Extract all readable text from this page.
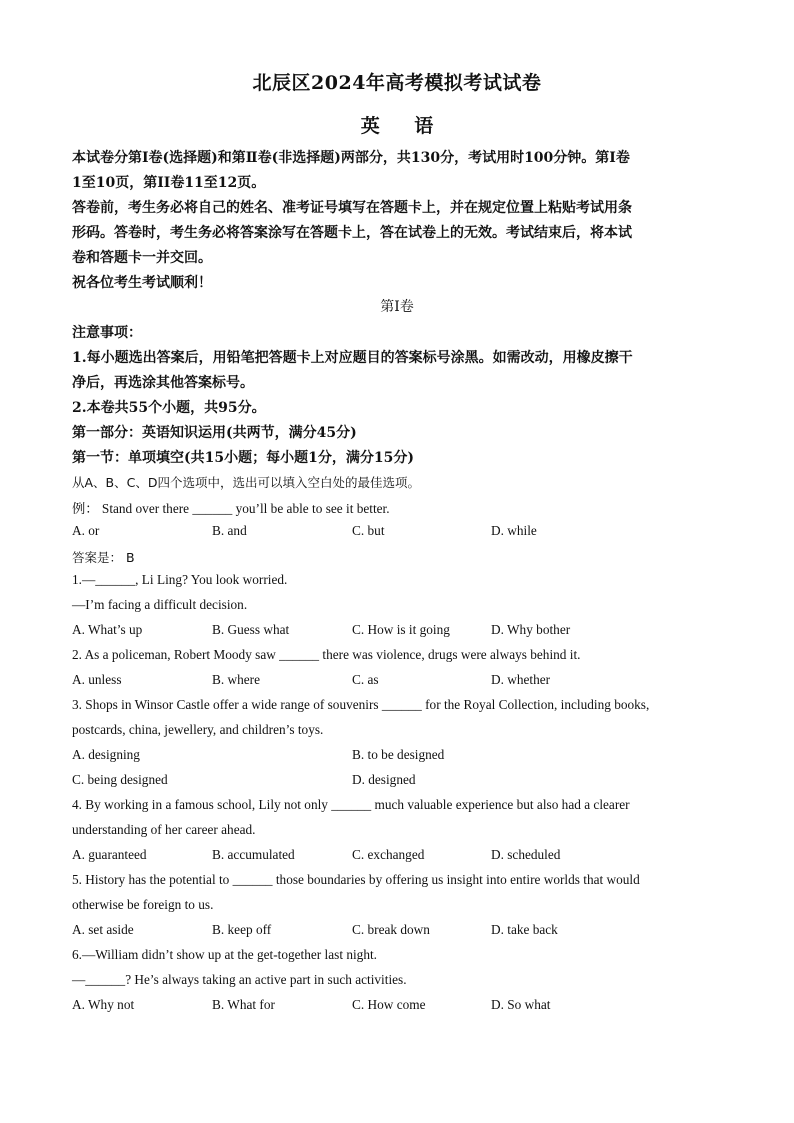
北辰区2024年高考模拟考试试卷
英 语
本试卷分第Ⅰ卷(选择题)和第Ⅱ卷(非选择题)两部分，共130分，考试用时100分钟。第I卷
1至10页，第II卷11至12页。
答卷前，考生务必将自己的姓名、准考证号填写在答题卡上，并在规定位置上粘贴考试用条
形码。答卷时，考生务必将答案涂写在答题卡上，答在试卷上的无效。考试结束后，将本试
卷和答题卡一并交回。
祝各位考生考试顺利！
第I卷
注意事项：
1.每小题选出答案后，用铅笔把答题卡上对应题目的答案标号涂黑。如需改动，用橡皮擦干
净后，再选涂其他答案标号。
2.本卷共55个小题，共95分。
第一部分：英语知识运用(共两节，满分45分)
第一节：单项填空(共15小题；每小题1分，满分15分)
从A、B、C、D四个选项中，选出可以填入空白处的最佳选项。
例： Stand over there ______ you’ll be able to see it better.
A. or	B. and	C. but	D. while
答案是： B
1.—______, Li Ling? You look worried.
—I’m facing a difficult decision.
A. What’s up	B. Guess what	C. How is it going	D. Why bother
2. As a policeman, Robert Moody saw ______ there was violence, drugs were always behind it.
A. unless	B. where	C. as	D. whether
3. Shops in Winsor Castle offer a wide range of souvenirs ______ for the Royal Collection, including books,
postcards, china, jewellery, and children’s toys.
A. designing	B. to be designed
C. being designed	D. designed
4. By working in a famous school, Lily not only ______ much valuable experience but also had a clearer
understanding of her career ahead.
A. guaranteed	B. accumulated	C. exchanged	D. scheduled
5. History has the potential to ______ those boundaries by offering us insight into entire worlds that would
otherwise be foreign to us.
A. set aside	B. keep off	C. break down	D. take back
6.—William didn’t show up at the get-together last night.
—______? He’s always taking an active part in such activities.
A. Why not	B. What for	C. How come	D. So what
